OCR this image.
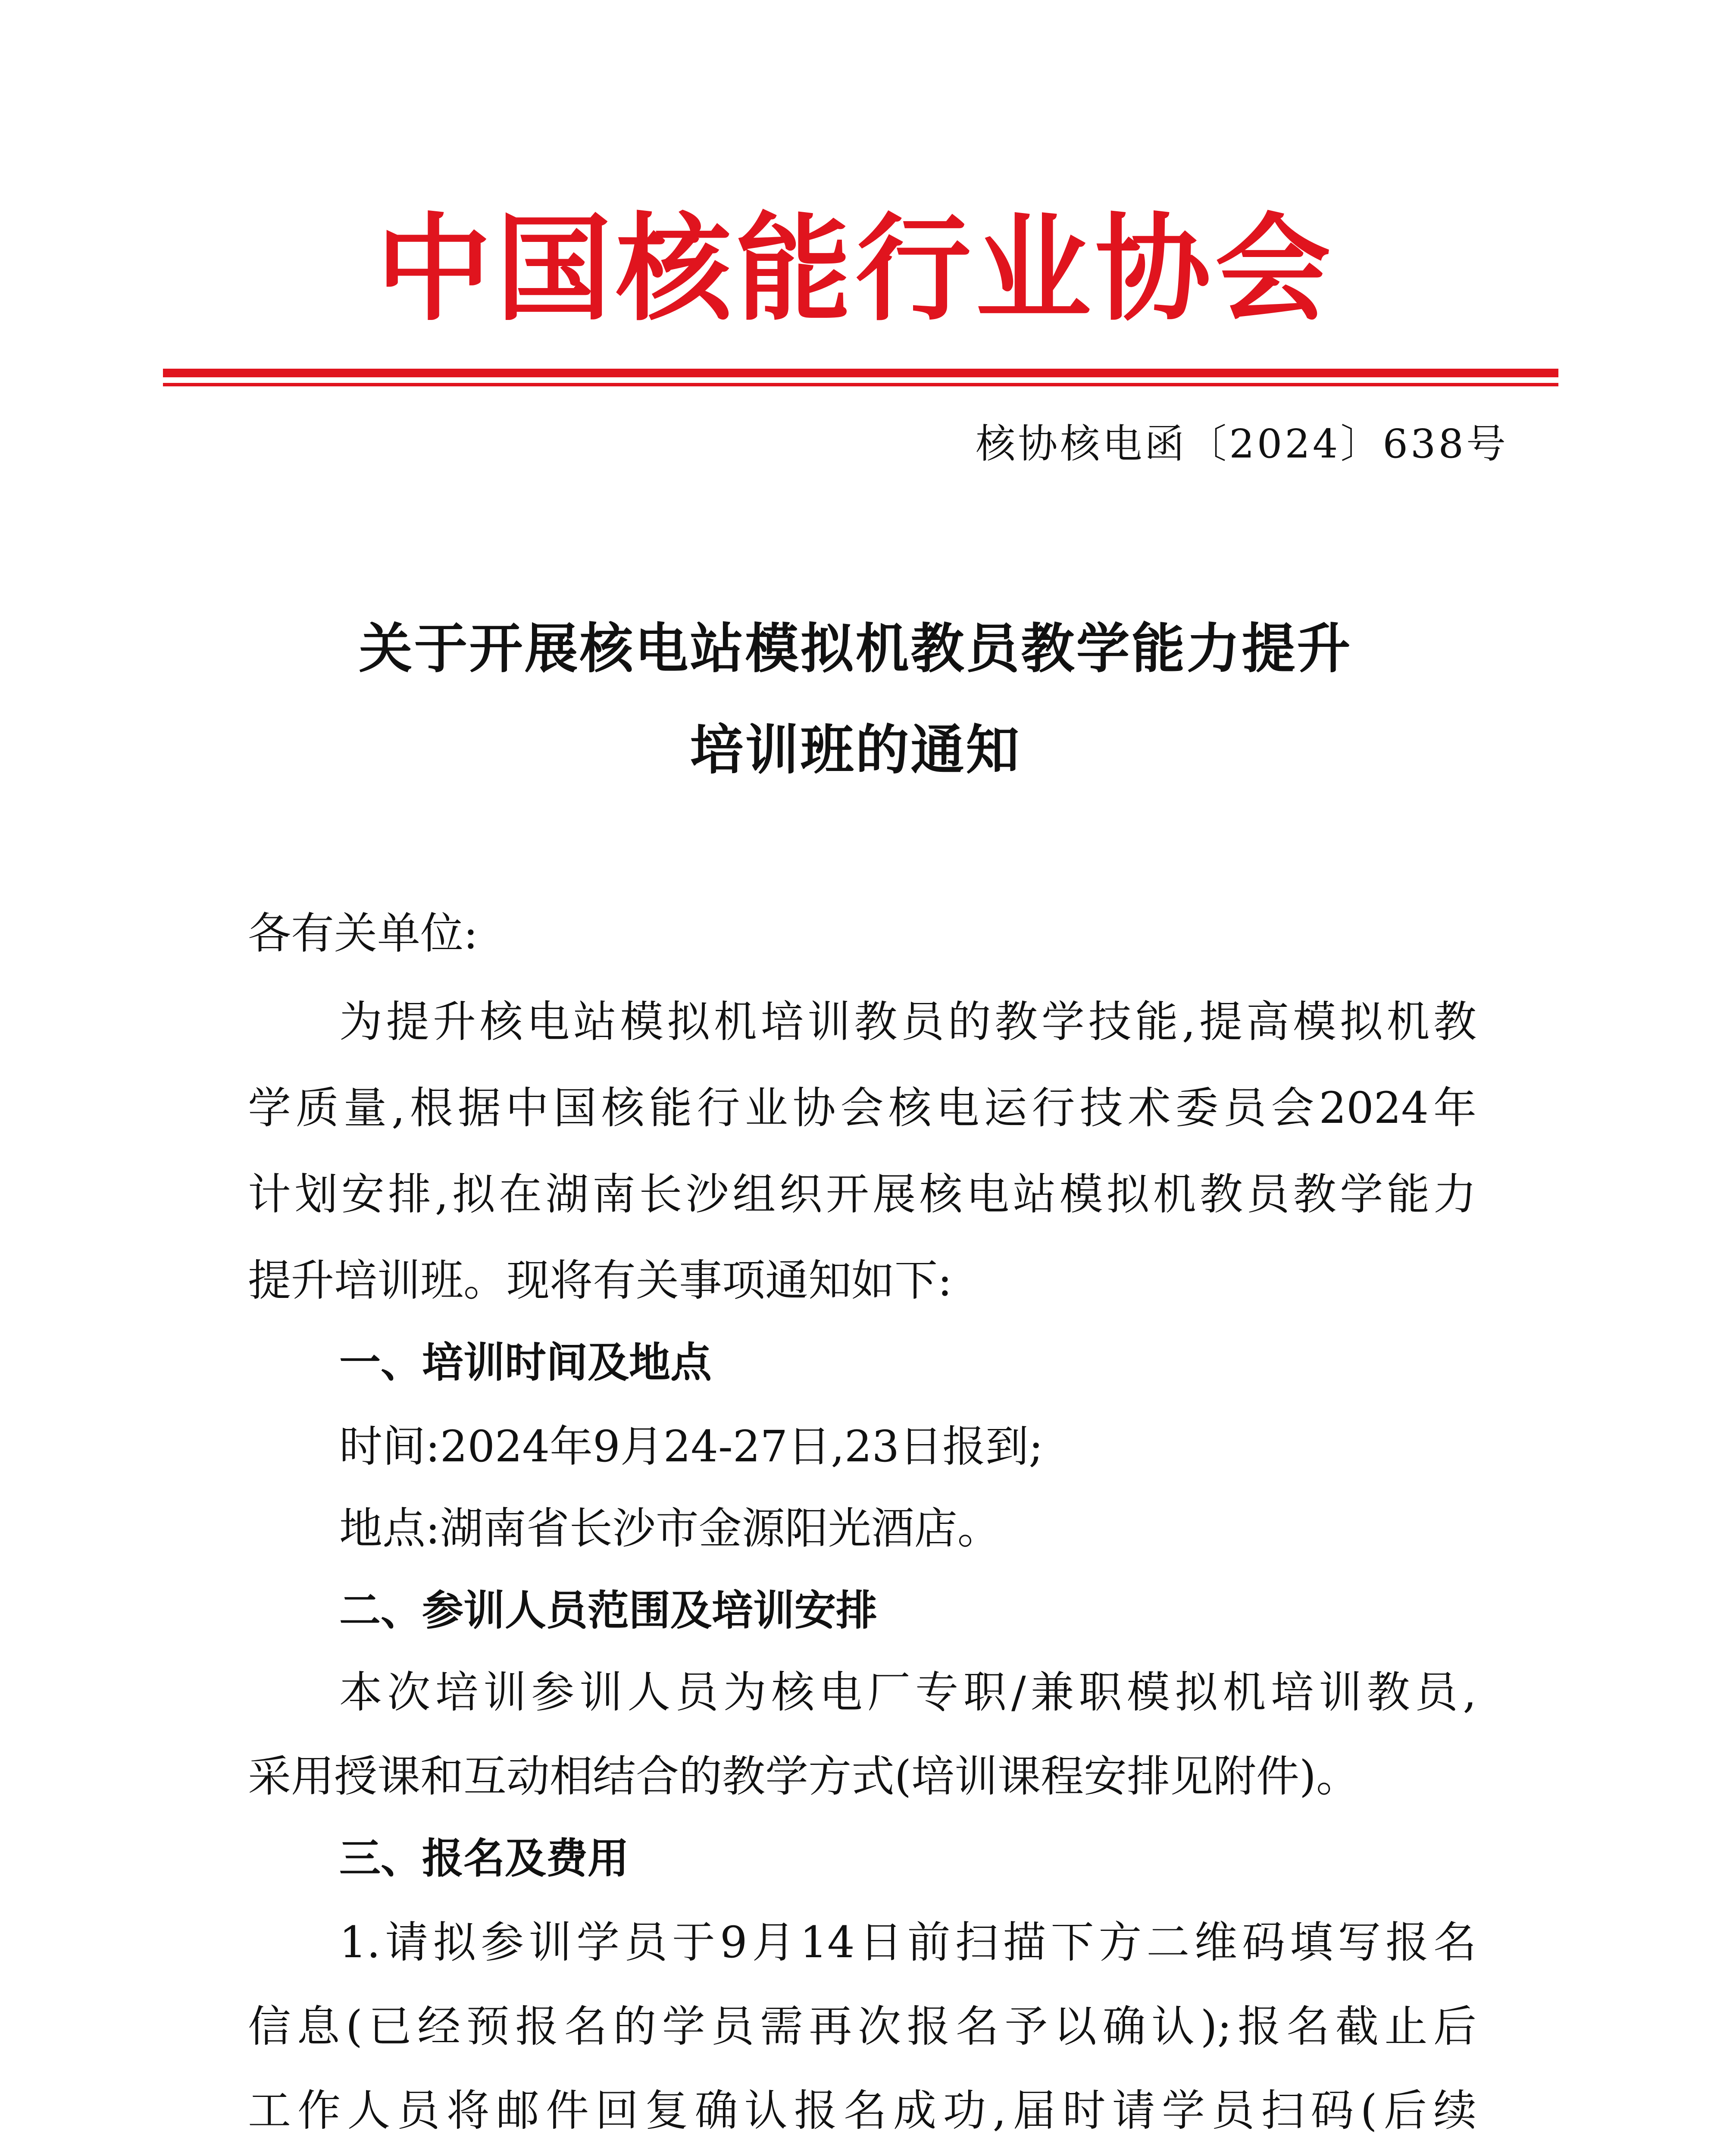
中国核能行业协会
核协核电函〔2024〕638号
关于开展核电站模拟机教员教学能力提升
培训班的通知
各有关单位:
为提升核电站模拟机培训教员的教学技能,提高模拟机教
学质量,根据中国核能行业协会核电运行技术委员会2024年
计划安排,拟在湖南长沙组织开展核电站模拟机教员教学能力
提升培训班。现将有关事项通知如下:
一、培训时间及地点
时间:2024年9月24-27日,23日报到;
地点:湖南省长沙市金源阳光酒店。
二、参训人员范围及培训安排
本次培训参训人员为核电厂专职/兼职模拟机培训教员,
采用授课和互动相结合的教学方式(培训课程安排见附件)。
三、报名及费用
1.请拟参训学员于9月14日前扫描下方二维码填写报名
信息(已经预报名的学员需再次报名予以确认);报名截止后
工作人员将邮件回复确认报名成功,届时请学员扫码(后续
